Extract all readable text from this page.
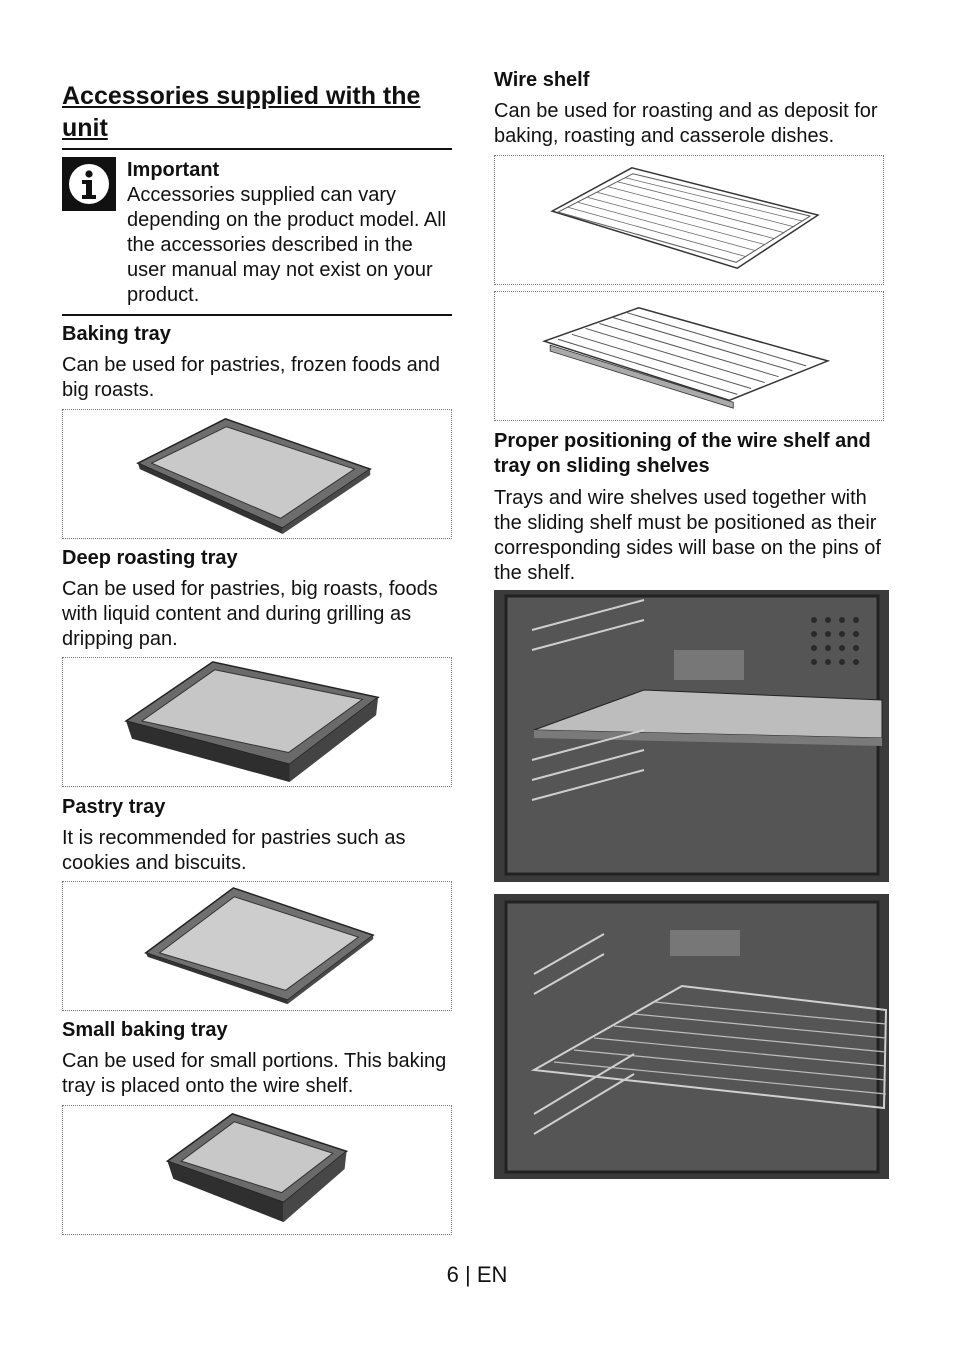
Accessories supplied with the unit
Important
Accessories supplied can vary depending on the product model. All the accessories described in the user manual may not exist on your product.
Baking tray
Can be used for pastries, frozen foods and big roasts.
Deep roasting tray
Can be used for pastries, big roasts, foods with liquid content and during grilling as dripping pan.
Pastry tray
It is recommended for pastries such as cookies and biscuits.
Small baking tray
Can be used for small portions. This baking tray is placed onto the wire shelf.
Wire shelf
Can be used for roasting and as deposit for baking, roasting and casserole dishes.
Proper positioning of the wire shelf and tray on sliding shelves
Trays and wire shelves used together with the sliding shelf must be positioned as their corresponding sides will base on the pins of the shelf.
6 | EN
